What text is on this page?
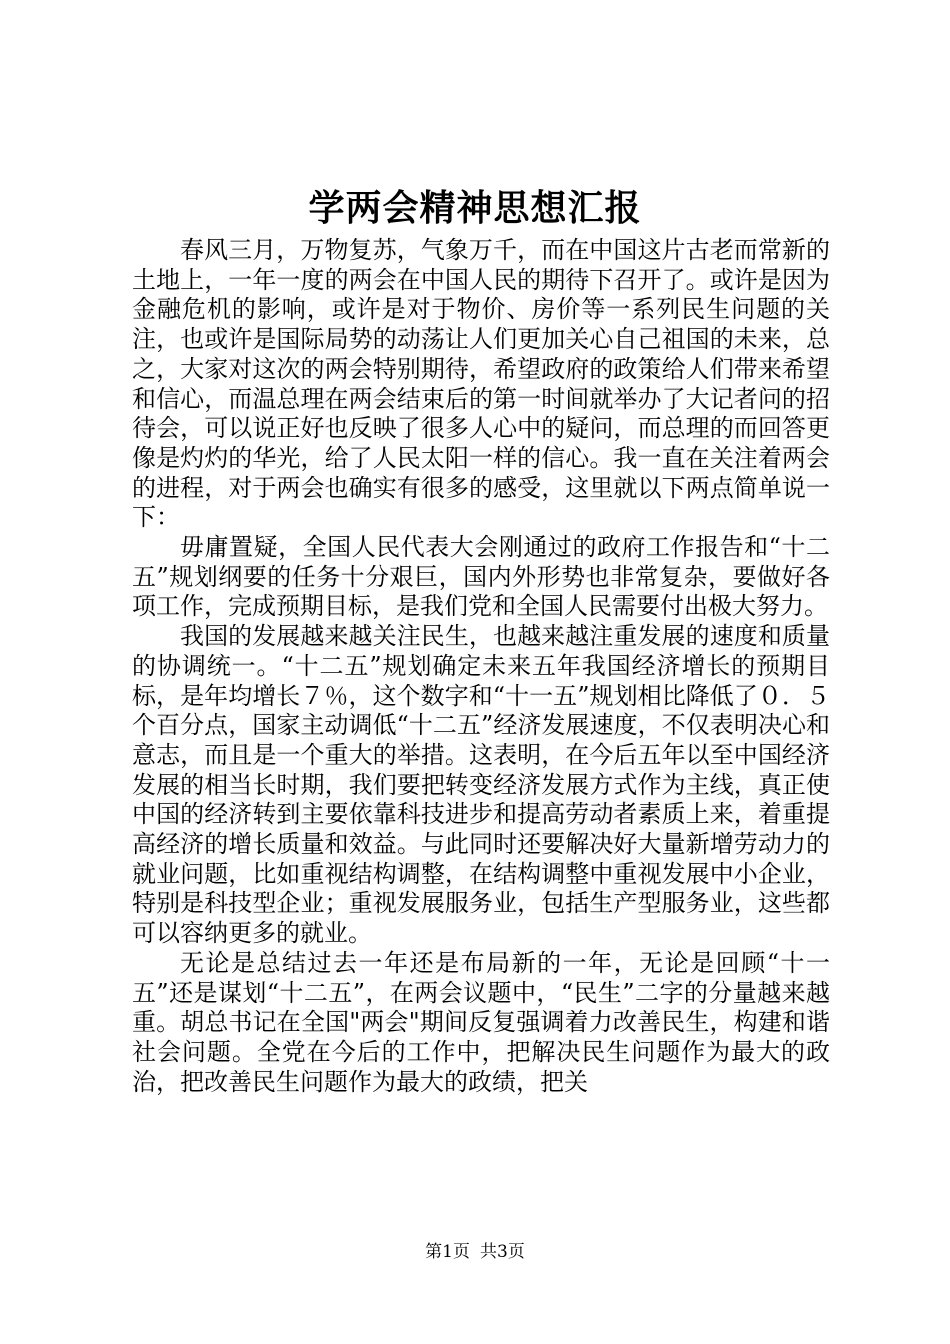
学两会精神思想汇报

春风三月，万物复苏，气象万千，而在中国这片古老而常新的土地上，一年一度的两会在中国人民的期待下召开了。或许是因为金融危机的影响，或许是对于物价、房价等一系列民生问题的关注，也或许是国际局势的动荡让人们更加关心自己祖国的未来，总之，大家对这次的两会特别期待，希望政府的政策给人们带来希望和信心，而温总理在两会结束后的第一时间就举办了大记者问的招待会，可以说正好也反映了很多人心中的疑问，而总理的而回答更像是灼灼的华光，给了人民太阳一样的信心。我一直在关注着两会的进程，对于两会也确实有很多的感受，这里就以下两点简单说一下：

毋庸置疑，全国人民代表大会刚通过的政府工作报告和“十二五”规划纲要的任务十分艰巨，国内外形势也非常复杂，要做好各项工作，完成预期目标，是我们党和全国人民需要付出极大努力。

我国的发展越来越关注民生，也越来越注重发展的速度和质量的协调统一。“十二五”规划确定未来五年我国经济增长的预期目标，是年均增长７％，这个数字和“十一五”规划相比降低了０．５个百分点，国家主动调低“十二五”经济发展速度，不仅表明决心和意志，而且是一个重大的举措。这表明，在今后五年以至中国经济发展的相当长时期，我们要把转变经济发展方式作为主线，真正使中国的经济转到主要依靠科技进步和提高劳动者素质上来，着重提高经济的增长质量和效益。与此同时还要解决好大量新增劳动力的就业问题，比如重视结构调整，在结构调整中重视发展中小企业，特别是科技型企业；重视发展服务业，包括生产型服务业，这些都可以容纳更多的就业。

无论是总结过去一年还是布局新的一年，无论是回顾“十一五”还是谋划“十二五”，在两会议题中，“民生”二字的分量越来越重。胡总书记在全国"两会"期间反复强调着力改善民生，构建和谐社会问题。全党在今后的工作中，把解决民生问题作为最大的政治，把改善民生问题作为最大的政绩，把关

第1页 共3页
